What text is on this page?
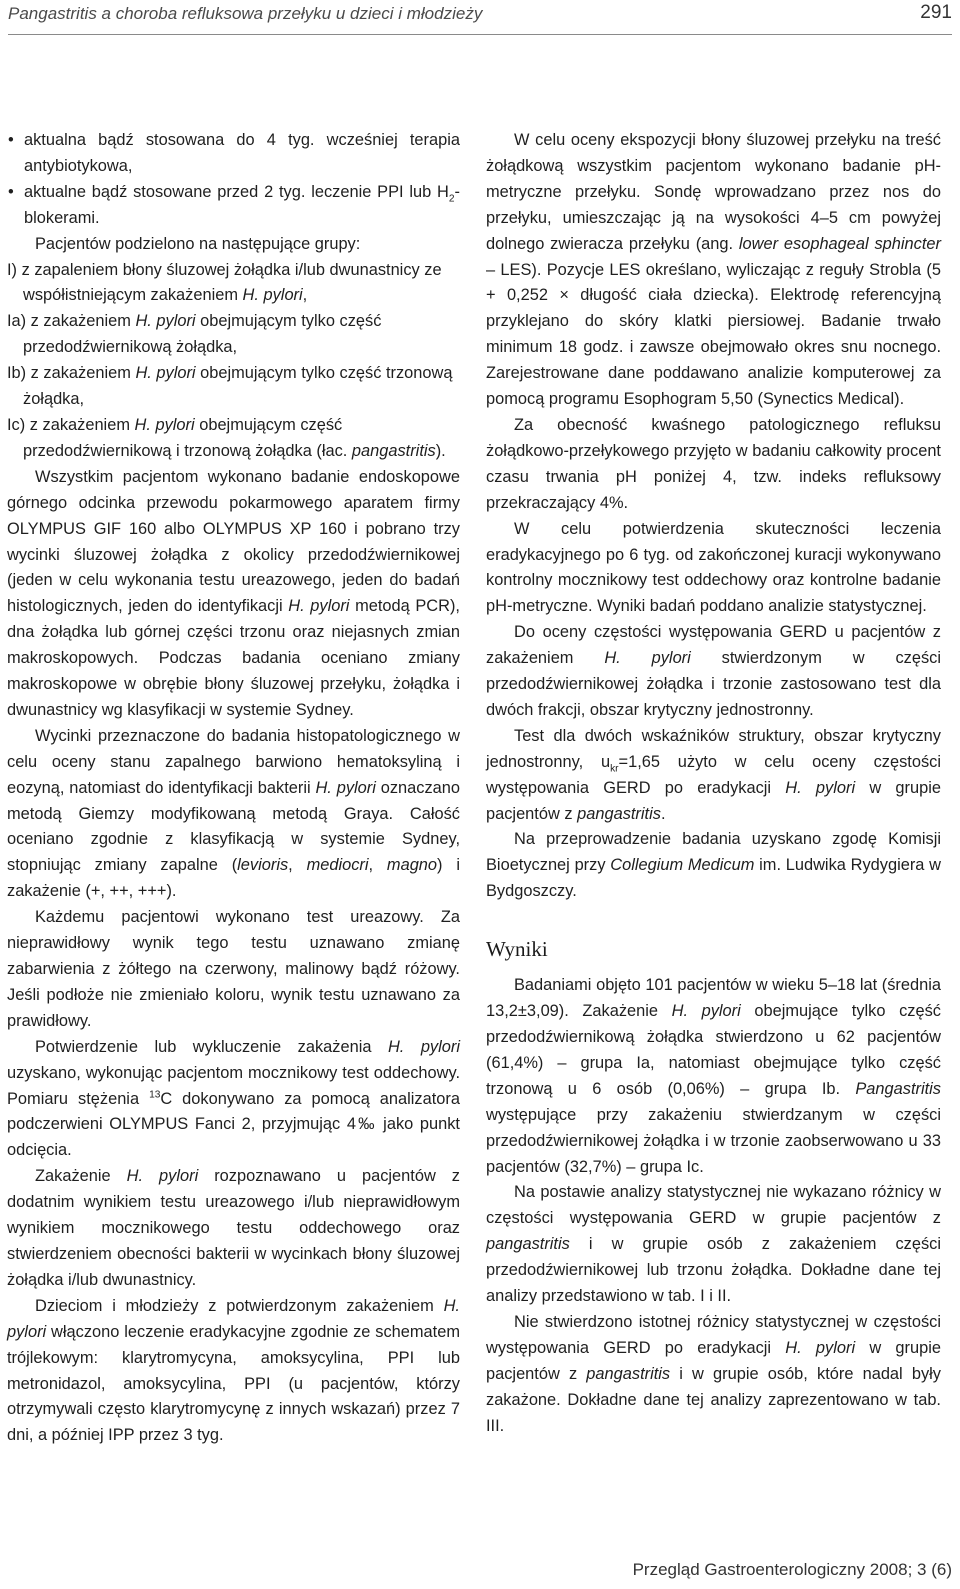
Pangastritis a choroba refluksowa przełyku u dzieci i młodzieży	291
• aktualna bądź stosowana do 4 tyg. wcześniej terapia antybiotykowa,
• aktualne bądź stosowane przed 2 tyg. leczenie PPI lub $H_2$-blokerami.

Pacjentów podzielono na następujące grupy:

I) z zapaleniem błony śluzowej żołądka i/lub dwunastnicy ze współistniejącym zakażeniem H. pylori,

Ia) z zakażeniem H. pylori obejmującym tylko część przedodźwiernikową żołądka,

Ib) z zakażeniem H. pylori obejmującym tylko część trzonową żołądka,

Ic) z zakażeniem H. pylori obejmującym część przedodźwiernikową i trzonową żołądka (łac. pangastritis).

Wszystkim pacjentom wykonano badanie endoskopowe górnego odcinka przewodu pokarmowego aparatem firmy OLYMPUS GIF 160 albo OLYMPUS XP 160 i pobrano trzy wycinki śluzowej żołądka z okolicy przedodźwiernikowej (jeden w celu wykonania testu ureazowego, jeden do badań histologicznych, jeden do identyfikacji H. pylori metodą PCR), dna żołądka lub górnej części trzonu oraz niejasnych zmian makroskopowych. Podczas badania oceniano zmiany makroskopowe w obrębie błony śluzowej przełyku, żołądka i dwunastnicy wg klasyfikacji w systemie Sydney.

Wycinki przeznaczone do badania histopatologicznego w celu oceny stanu zapalnego barwiono hematoksyliną i eozyną, natomiast do identyfikacji bakterii H. pylori oznaczano metodą Giemzy modyfikowaną metodą Graya. Całość oceniano zgodnie z klasyfikacją w systemie Sydney, stopniując zmiany zapalne (levioris, mediocri, magno) i zakażenie (+, ++, +++).

Każdemu pacjentowi wykonano test ureazowy. Za nieprawidłowy wynik tego testu uznawano zmianę zabarwienia z żółtego na czerwony, malinowy bądź różowy. Jeśli podłoże nie zmieniało koloru, wynik testu uznawano za prawidłowy.

Potwierdzenie lub wykluczenie zakażenia H. pylori uzyskano, wykonując pacjentom mocznikowy test oddechowy. Pomiaru stężenia $^{13}$C dokonywano za pomocą analizatora podczerwieni OLYMPUS Fanci 2, przyjmując 4‰ jako punkt odcięcia.

Zakażenie H. pylori rozpoznawano u pacjentów z dodatnim wynikiem testu ureazowego i/lub nieprawidłowym wynikiem mocznikowego testu oddechowego oraz stwierdzeniem obecności bakterii w wycinkach błony śluzowej żołądka i/lub dwunastnicy.

Dzieciom i młodzieży z potwierdzonym zakażeniem H. pylori włączono leczenie eradykacyjne zgodnie ze schematem trójlekowym: klarytromycyna, amoksycylina, PPI lub metronidazol, amoksycylina, PPI (u pacjentów, którzy otrzymywali często klarytromycynę z innych wskazań) przez 7 dni, a później IPP przez 3 tyg.

W celu oceny ekspozycji błony śluzowej przełyku na treść żołądkową wszystkim pacjentom wykonano badanie pH-metryczne przełyku. Sondę wprowadzano przez nos do przełyku, umieszczając ją na wysokości 4–5 cm powyżej dolnego zwieracza przełyku (ang. lower esophageal sphincter – LES). Pozycje LES określano, wyliczając z reguły Strobla (5 + 0,252 × długość ciała dziecka). Elektrodę referencyjną przyklejano do skóry klatki piersiowej. Badanie trwało minimum 18 godz. i zawsze obejmowało okres snu nocnego. Zarejestrowane dane poddawano analizie komputerowej za pomocą programu Esophogram 5,50 (Synectics Medical).

Za obecność kwaśnego patologicznego refluksu żołądkowo-przełykowego przyjęto w badaniu całkowity procent czasu trwania pH poniżej 4, tzw. indeks refluksowy przekraczający 4%.

W celu potwierdzenia skuteczności leczenia eradykacyjnego po 6 tyg. od zakończonej kuracji wykonywano kontrolny mocznikowy test oddechowy oraz kontrolne badanie pH-metryczne. Wyniki badań poddano analizie statystycznej.

Do oceny częstości występowania GERD u pacjentów z zakażeniem H. pylori stwierdzonym w części przedodźwiernikowej żołądka i trzonie zastosowano test dla dwóch frakcji, obszar krytyczny jednostronny.

Test dla dwóch wskaźników struktury, obszar krytyczny jednostronny, $u_{kr}=1,65$ użyto w celu oceny częstości występowania GERD po eradykacji H. pylori w grupie pacjentów z pangastritis.

Na przeprowadzenie badania uzyskano zgodę Komisji Bioetycznej przy Collegium Medicum im. Ludwika Rydygiera w Bydgoszczy.

Wyniki

Badaniami objęto 101 pacjentów w wieku 5–18 lat (średnia 13,2±3,09). Zakażenie H. pylori obejmujące tylko część przedodźwiernikową żołądka stwierdzono u 62 pacjentów (61,4%) – grupa Ia, natomiast obejmujące tylko część trzonową u 6 osób (0,06%) – grupa Ib. Pangastritis występujące przy zakażeniu stwierdzanym w części przedodźwiernikowej żołądka i w trzonie zaobserwowano u 33 pacjentów (32,7%) – grupa Ic.

Na postawie analizy statystycznej nie wykazano różnicy w częstości występowania GERD w grupie pacjentów z pangastritis i w grupie osób z zakażeniem części przedodźwiernikowej lub trzonu żołądka. Dokładne dane tej analizy przedstawiono w tab. I i II.

Nie stwierdzono istotnej różnicy statystycznej w częstości występowania GERD po eradykacji H. pylori w grupie pacjentów z pangastritis i w grupie osób, które nadal były zakażone. Dokładne dane tej analizy zaprezentowano w tab. III.

Przegląd Gastroenterologiczny 2008; 3 (6)
